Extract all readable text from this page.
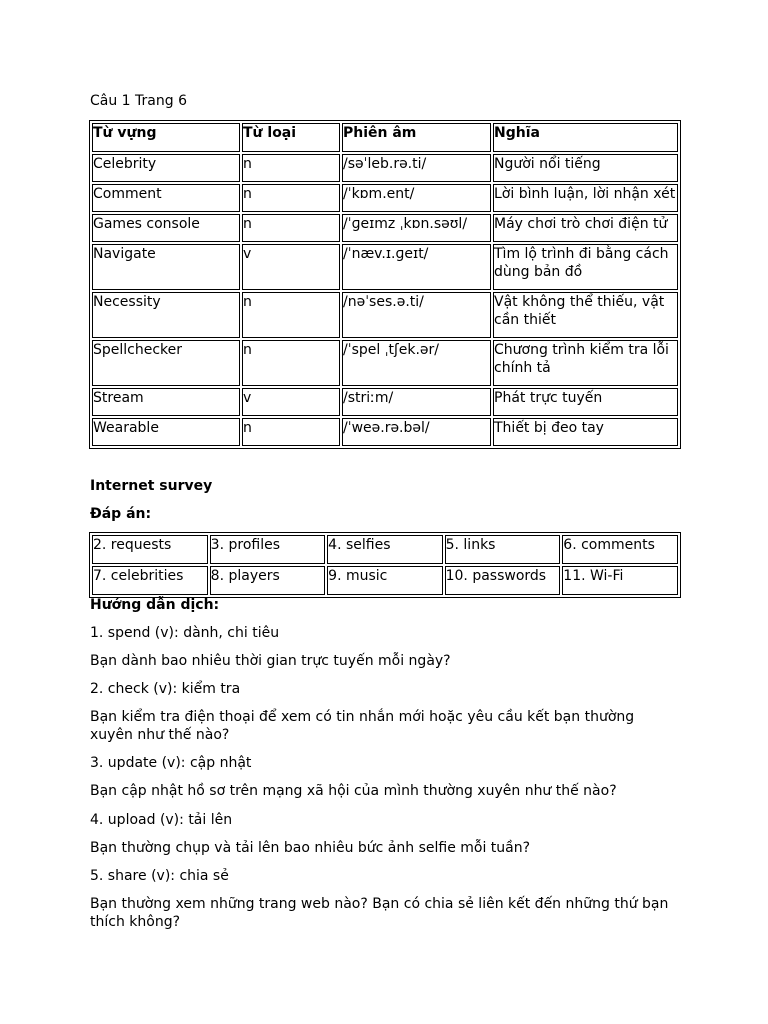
Câu 1 Trang 6

Từ vựng	Từ loại	Phiên âm	Nghĩa
Celebrity	n	/səˈleb.rə.ti/	Người nổi tiếng
Comment	n	/ˈkɒm.ent/	Lời bình luận, lời nhận xét
Games console	n	/ˈɡeɪmz ˌkɒn.səʊl/	Máy chơi trò chơi điện tử
Navigate	v	/ˈnæv.ɪ.ɡeɪt/	Tìm lộ trình đi bằng cách dùng bản đồ
Necessity	n	/nəˈses.ə.ti/	Vật không thể thiếu, vật cần thiết
Spellchecker	n	/ˈspel ˌtʃek.ər/	Chương trình kiểm tra lỗi chính tả
Stream	v	/striːm/	Phát trực tuyến
Wearable	n	/ˈweə.rə.bəl/	Thiết bị đeo tay

Internet survey

Đáp án:

2. requests	3. profiles	4. selfies	5. links	6. comments
7. celebrities	8. players	9. music	10. passwords	11. Wi-Fi

Hướng dẫn dịch:

1. spend (v): dành, chi tiêu

Bạn dành bao nhiêu thời gian trực tuyến mỗi ngày?

2. check (v): kiểm tra

Bạn kiểm tra điện thoại để xem có tin nhắn mới hoặc yêu cầu kết bạn thường xuyên như thế nào?

3. update (v): cập nhật

Bạn cập nhật hồ sơ trên mạng xã hội của mình thường xuyên như thế nào?

4. upload (v): tải lên

Bạn thường chụp và tải lên bao nhiêu bức ảnh selfie mỗi tuần?

5. share (v): chia sẻ

Bạn thường xem những trang web nào? Bạn có chia sẻ liên kết đến những thứ bạn thích không?
